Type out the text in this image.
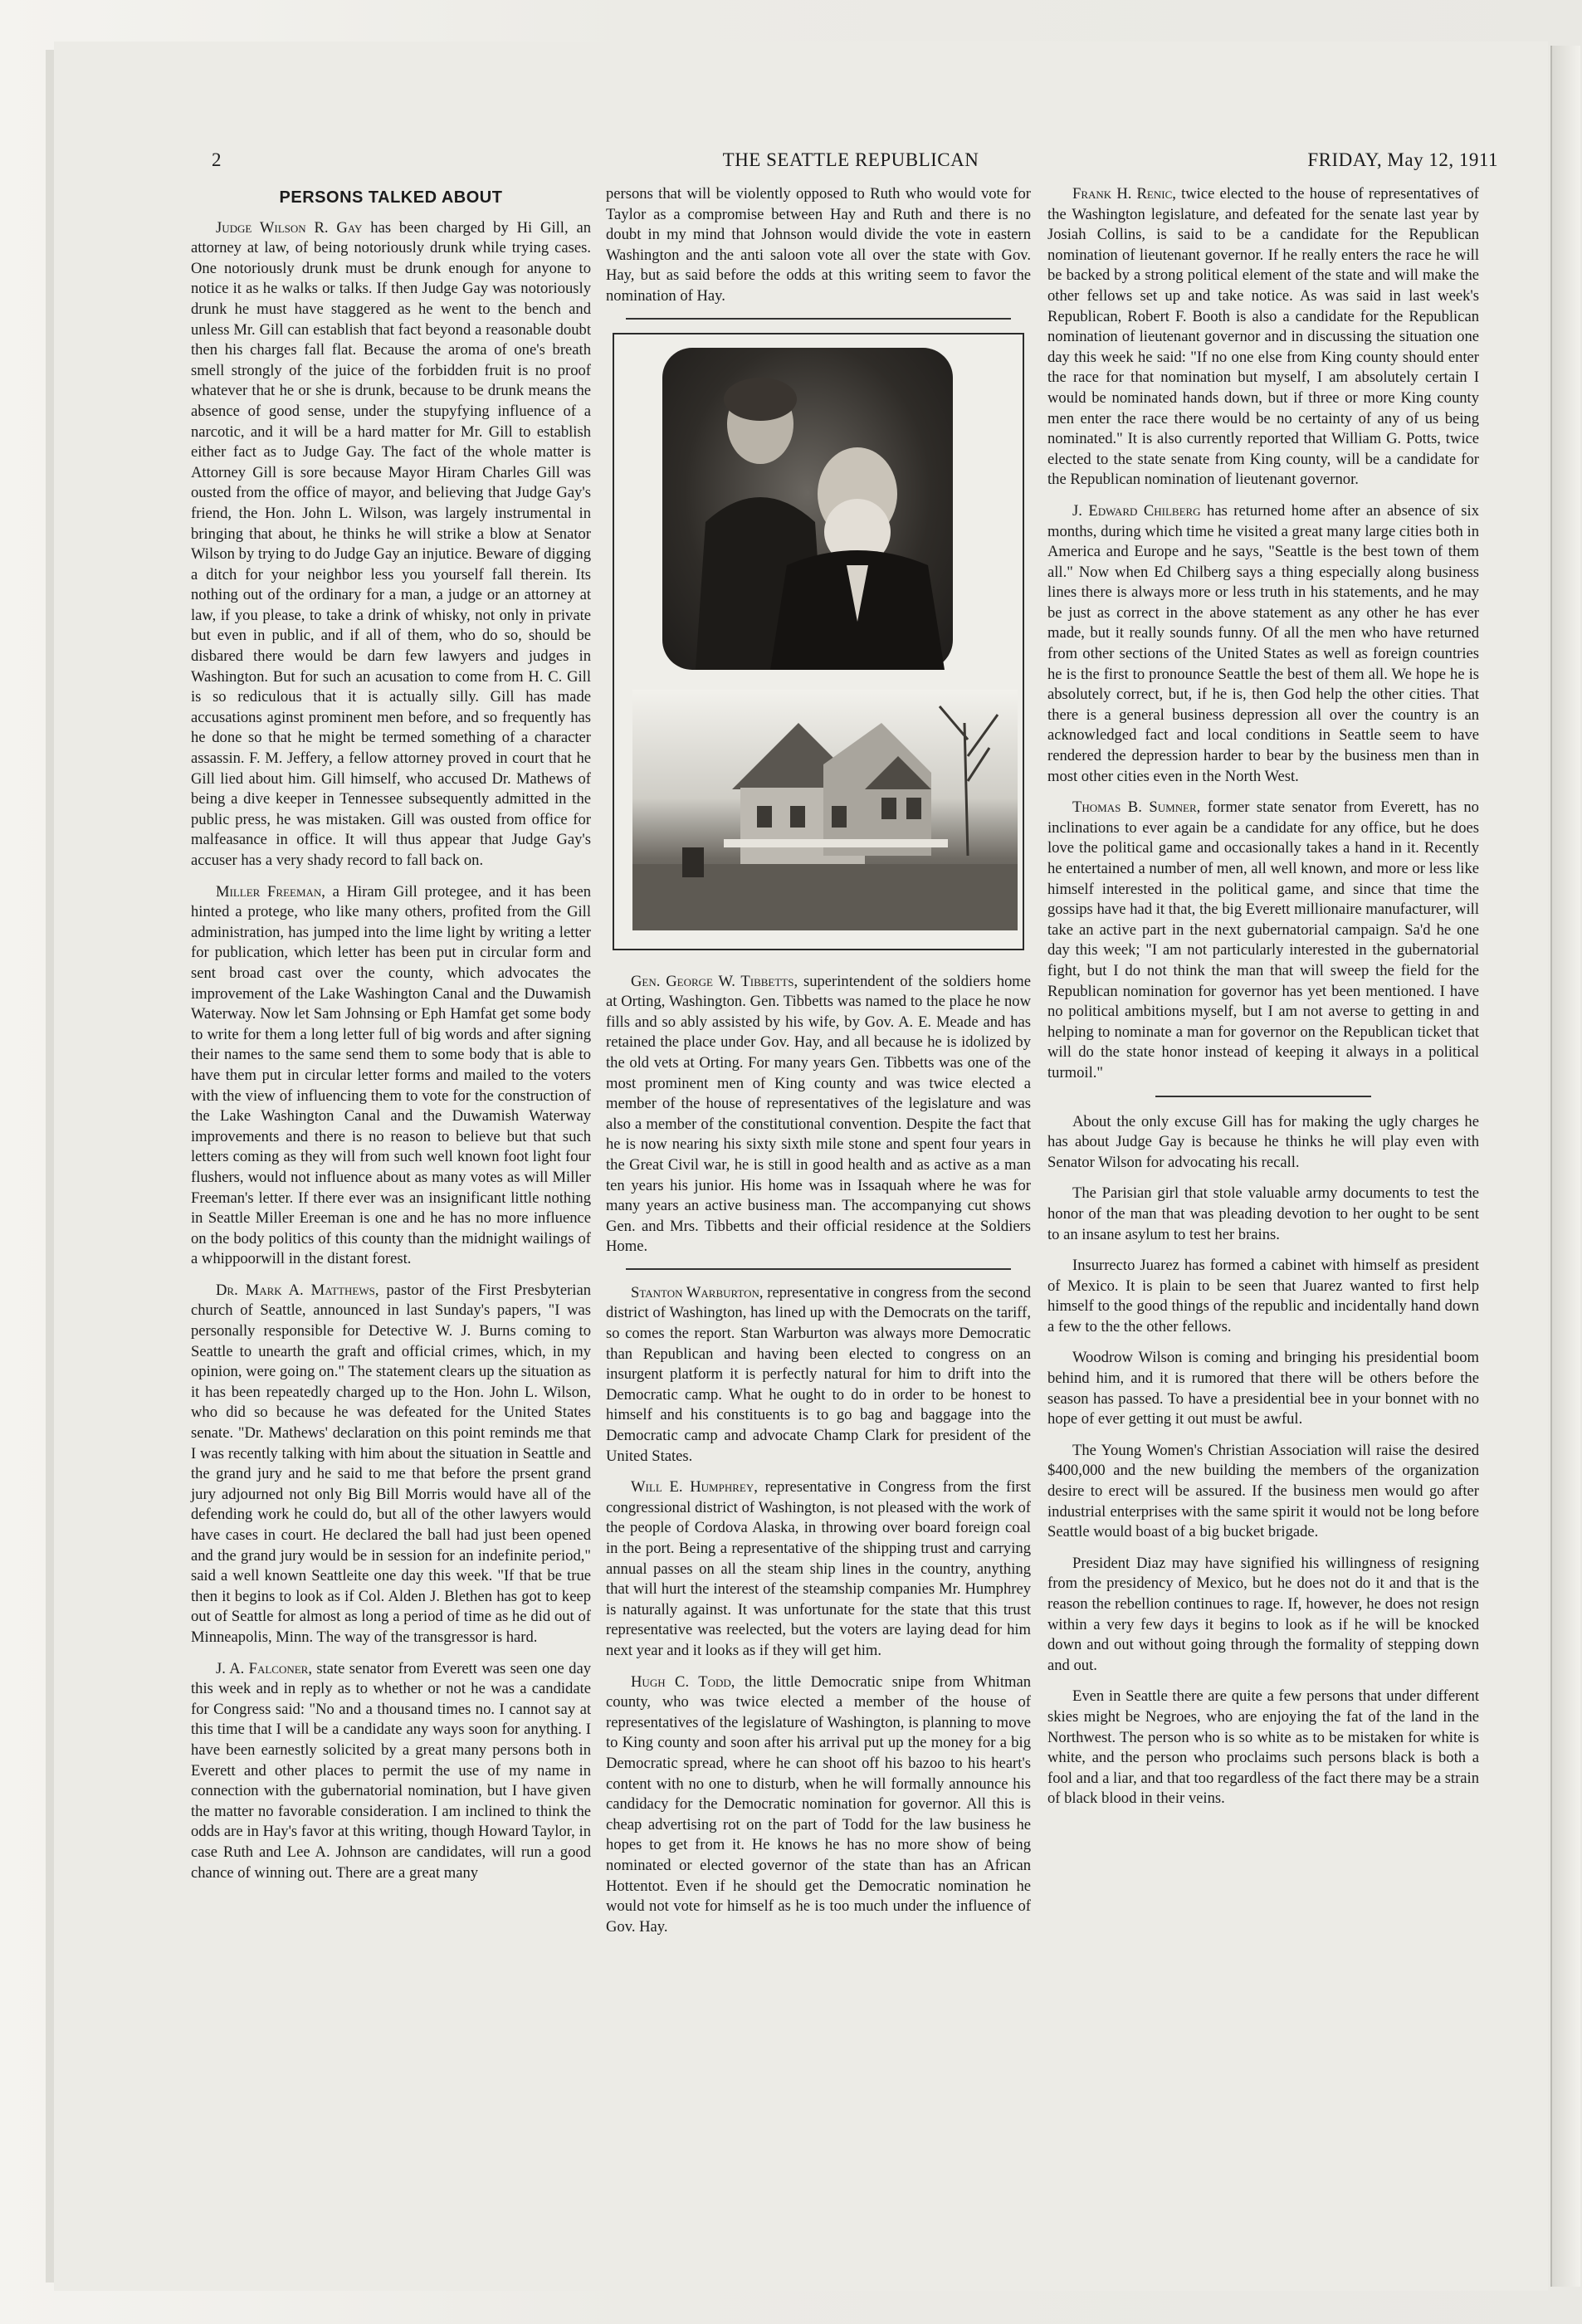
2	THE SEATTLE REPUBLICAN	FRIDAY, May 12, 1911
PERSONS TALKED ABOUT

Judge Wilson R. Gay has been charged by Hi Gill, an attorney at law, of being notoriously drunk while trying cases. One notoriously drunk must be drunk enough for anyone to notice it as he walks or talks. If then Judge Gay was notoriously drunk he must have staggered as he went to the bench and unless Mr. Gill can establish that fact beyond a reasonable doubt then his charges fall flat. Because the aroma of one's breath smell strongly of the juice of the forbidden fruit is no proof whatever that he or she is drunk, because to be drunk means the absence of good sense, under the stupyfying influence of a narcotic, and it will be a hard matter for Mr. Gill to establish either fact as to Judge Gay. The fact of the whole matter is Attorney Gill is sore because Mayor Hiram Charles Gill was ousted from the office of mayor, and believing that Judge Gay's friend, the Hon. John L. Wilson, was largely instrumental in bringing that about, he thinks he will strike a blow at Senator Wilson by trying to do Judge Gay an injutice. Beware of digging a ditch for your neighbor less you yourself fall therein. Its nothing out of the ordinary for a man, a judge or an attorney at law, if you please, to take a drink of whisky, not only in private but even in public, and if all of them, who do so, should be disbared there would be darn few lawyers and judges in Washington. But for such an acusation to come from H. C. Gill is so rediculous that it is actually silly. Gill has made accusations aginst prominent men before, and so frequently has he done so that he might be termed something of a character assassin. F. M. Jeffery, a fellow attorney proved in court that he Gill lied about him. Gill himself, who accused Dr. Mathews of being a dive keeper in Tennessee subsequently admitted in the public press, he was mistaken. Gill was ousted from office for malfeasance in office. It will thus appear that Judge Gay's accuser has a very shady record to fall back on.

Miller Freeman, a Hiram Gill protegee, and it has been hinted a protege, who like many others, profited from the Gill administration, has jumped into the lime light by writing a letter for publication, which letter has been put in circular form and sent broad cast over the county, which advocates the improvement of the Lake Washington Canal and the Duwamish Waterway. Now let Sam Johnsing or Eph Hamfat get some body to write for them a long letter full of big words and after signing their names to the same send them to some body that is able to have them put in circular letter forms and mailed to the voters with the view of influencing them to vote for the construction of the Lake Washington Canal and the Duwamish Waterway improvements and there is no reason to believe but that such letters coming as they will from such well known foot light four flushers, would not influence about as many votes as will Miller Freeman's letter. If there ever was an insignificant little nothing in Seattle Miller Ereeman is one and he has no more influence on the body politics of this county than the midnight wailings of a whippoorwill in the distant forest.

Dr. Mark A. Matthews, pastor of the First Presbyterian church of Seattle, announced in last Sunday's papers, "I was personally responsible for Detective W. J. Burns coming to Seattle to unearth the graft and official crimes, which, in my opinion, were going on." The statement clears up the situation as it has been repeatedly charged up to the Hon. John L. Wilson, who did so because he was defeated for the United States senate. "Dr. Mathews' declaration on this point reminds me that I was recently talking with him about the situation in Seattle and the grand jury and he said to me that before the prsent grand jury adjourned not only Big Bill Morris would have all of the defending work he could do, but all of the other lawyers would have cases in court. He declared the ball had just been opened and the grand jury would be in session for an indefinite period," said a well known Seattleite one day this week. "If that be true then it begins to look as if Col. Alden J. Blethen has got to keep out of Seattle for almost as long a period of time as he did out of Minneapolis, Minn. The way of the transgressor is hard.

J. A. Falconer, state senator from Everett was seen one day this week and in reply as to whether or not he was a candidate for Congress said: "No and a thousand times no. I cannot say at this time that I will be a candidate any ways soon for anything. I have been earnestly solicited by a great many persons both in Everett and other places to permit the use of my name in connection with the gubernatorial nomination, but I have given the matter no favorable consideration. I am inclined to think the odds are in Hay's favor at this writing, though Howard Taylor, in case Ruth and Lee A. Johnson are candidates, will run a good chance of winning out. There are a great many

persons that will be violently opposed to Ruth who would vote for Taylor as a compromise between Hay and Ruth and there is no doubt in my mind that Johnson would divide the vote in eastern Washington and the anti saloon vote all over the state with Gov. Hay, but as said before the odds at this writing seem to favor the nomination of Hay.

Gen. George W. Tibbetts, superintendent of the soldiers home at Orting, Washington. Gen. Tibbetts was named to the place he now fills and so ably assisted by his wife, by Gov. A. E. Meade and has retained the place under Gov. Hay, and all because he is idolized by the old vets at Orting. For many years Gen. Tibbetts was one of the most prominent men of King county and was twice elected a member of the house of representatives of the legislature and was also a member of the constitutional convention. Despite the fact that he is now nearing his sixty sixth mile stone and spent four years in the Great Civil war, he is still in good health and as active as a man ten years his junior. His home was in Issaquah where he was for many years an active business man. The accompanying cut shows Gen. and Mrs. Tibbetts and their official residence at the Soldiers Home.

Stanton Warburton, representative in congress from the second district of Washington, has lined up with the Democrats on the tariff, so comes the report. Stan Warburton was always more Democratic than Republican and having been elected to congress on an insurgent platform it is perfectly natural for him to drift into the Democratic camp. What he ought to do in order to be honest to himself and his constituents is to go bag and baggage into the Democratic camp and advocate Champ Clark for president of the United States.

Will E. Humphrey, representative in Congress from the first congressional district of Washington, is not pleased with the work of the people of Cordova Alaska, in throwing over board foreign coal in the port. Being a representative of the shipping trust and carrying annual passes on all the steam ship lines in the country, anything that will hurt the interest of the steamship companies Mr. Humphrey is naturally against. It was unfortunate for the state that this trust representative was reelected, but the voters are laying dead for him next year and it looks as if they will get him.

Hugh C. Todd, the little Democratic snipe from Whitman county, who was twice elected a member of the house of representatives of the legislature of Washington, is planning to move to King county and soon after his arrival put up the money for a big Democratic spread, where he can shoot off his bazoo to his heart's content with no one to disturb, when he will formally announce his candidacy for the Democratic nomination for governor. All this is cheap advertising rot on the part of Todd for the law business he hopes to get from it. He knows he has no more show of being nominated or elected governor of the state than has an African Hottentot. Even if he should get the Democratic nomination he would not vote for himself as he is too much under the influence of Gov. Hay.

Frank H. Renic, twice elected to the house of representatives of the Washington legislature, and defeated for the senate last year by Josiah Collins, is said to be a candidate for the Republican nomination of lieutenant governor. If he really enters the race he will be backed by a strong political element of the state and will make the other fellows set up and take notice. As was said in last week's Republican, Robert F. Booth is also a candidate for the Republican nomination of lieutenant governor and in discussing the situation one day this week he said: "If no one else from King county should enter the race for that nomination but myself, I am absolutely certain I would be nominated hands down, but if three or more King county men enter the race there would be no certainty of any of us being nominated." It is also currently reported that William G. Potts, twice elected to the state senate from King county, will be a candidate for the Republican nomination of lieutenant governor.

J. Edward Chilberg has returned home after an absence of six months, during which time he visited a great many large cities both in America and Europe and he says, "Seattle is the best town of them all." Now when Ed Chilberg says a thing especially along business lines there is always more or less truth in his statements, and he may be just as correct in the above statement as any other he has ever made, but it really sounds funny. Of all the men who have returned from other sections of the United States as well as foreign countries he is the first to pronounce Seattle the best of them all. We hope he is absolutely correct, but, if he is, then God help the other cities. That there is a general business depression all over the country is an acknowledged fact and local conditions in Seattle seem to have rendered the depression harder to bear by the business men than in most other cities even in the North West.

Thomas B. Sumner, former state senator from Everett, has no inclinations to ever again be a candidate for any office, but he does love the political game and occasionally takes a hand in it. Recently he entertained a number of men, all well known, and more or less like himself interested in the political game, and since that time the gossips have had it that, the big Everett millionaire manufacturer, will take an active part in the next gubernatorial campaign. Sa'd he one day this week; "I am not particularly interested in the gubernatorial fight, but I do not think the man that will sweep the field for the Republican nomination for governor has yet been mentioned. I have no political ambitions myself, but I am not averse to getting in and helping to nominate a man for governor on the Republican ticket that will do the state honor instead of keeping it always in a political turmoil."

About the only excuse Gill has for making the ugly charges he has about Judge Gay is because he thinks he will play even with Senator Wilson for advocating his recall.

The Parisian girl that stole valuable army documents to test the honor of the man that was pleading devotion to her ought to be sent to an insane asylum to test her brains.

Insurrecto Juarez has formed a cabinet with himself as president of Mexico. It is plain to be seen that Juarez wanted to first help himself to the good things of the republic and incidentally hand down a few to the the other fellows.

Woodrow Wilson is coming and bringing his presidential boom behind him, and it is rumored that there will be others before the season has passed. To have a presidential bee in your bonnet with no hope of ever getting it out must be awful.

The Young Women's Christian Association will raise the desired $400,000 and the new building the members of the organization desire to erect will be assured. If the business men would go after industrial enterprises with the same spirit it would not be long before Seattle would boast of a big bucket brigade.

President Diaz may have signified his willingness of resigning from the presidency of Mexico, but he does not do it and that is the reason the rebellion continues to rage. If, however, he does not resign within a very few days it begins to look as if he will be knocked down and out without going through the formality of stepping down and out.

Even in Seattle there are quite a few persons that under different skies might be Negroes, who are enjoying the fat of the land in the Northwest. The person who is so white as to be mistaken for white is white, and the person who proclaims such persons black is both a fool and a liar, and that too regardless of the fact there may be a strain of black blood in their veins.
